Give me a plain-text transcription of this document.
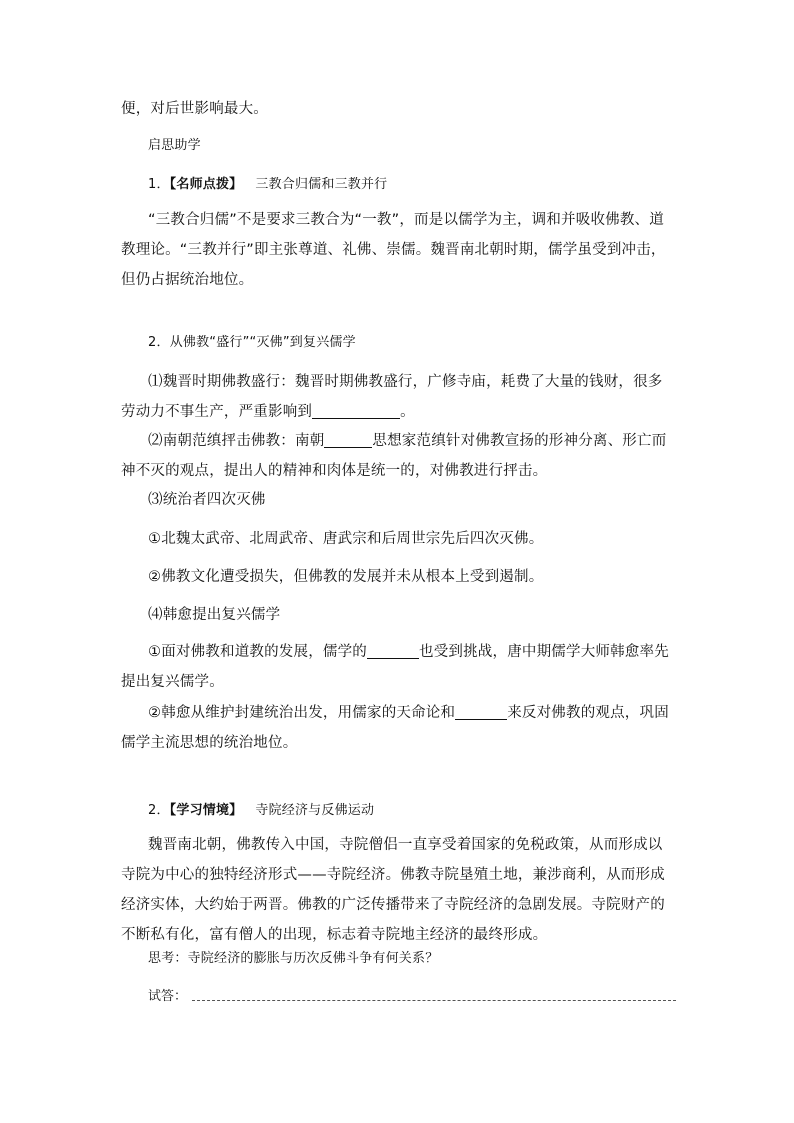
便，对后世影响最大。

启思助学

1．【名师点拨】 三教合归儒和三教并行

“三教合归儒”不是要求三教合为“一教”，而是以儒学为主，调和并吸收佛教、道教理论。“三教并行”即主张尊道、礼佛、崇儒。魏晋南北朝时期，儒学虽受到冲击，但仍占据统治地位。

2．从佛教“盛行”“灭佛”到复兴儒学

⑴魏晋时期佛教盛行：魏晋时期佛教盛行，广修寺庙，耗费了大量的钱财，很多劳动力不事生产，严重影响到	。

⑵南朝范缜抨击佛教：南朝	思想家范缜针对佛教宣扬的形神分离、形亡而神不灭的观点，提出人的精神和肉体是统一的，对佛教进行抨击。

⑶统治者四次灭佛

①北魏太武帝、北周武帝、唐武宗和后周世宗先后四次灭佛。

②佛教文化遭受损失，但佛教的发展并未从根本上受到遏制。

⑷韩愈提出复兴儒学

①面对佛教和道教的发展，儒学的	也受到挑战，唐中期儒学大师韩愈率先提出复兴儒学。

②韩愈从维护封建统治出发，用儒家的天命论和	来反对佛教的观点，巩固儒学主流思想的统治地位。

2．【学习情境】 寺院经济与反佛运动

魏晋南北朝，佛教传入中国，寺院僧侣一直享受着国家的免税政策，从而形成以寺院为中心的独特经济形式——寺院经济。佛教寺院垦殖土地，兼涉商利，从而形成经济实体，大约始于两晋。佛教的广泛传播带来了寺院经济的急剧发展。寺院财产的不断私有化，富有僧人的出现，标志着寺院地主经济的最终形成。

思考：寺院经济的膨胀与历次反佛斗争有何关系？

试答：
